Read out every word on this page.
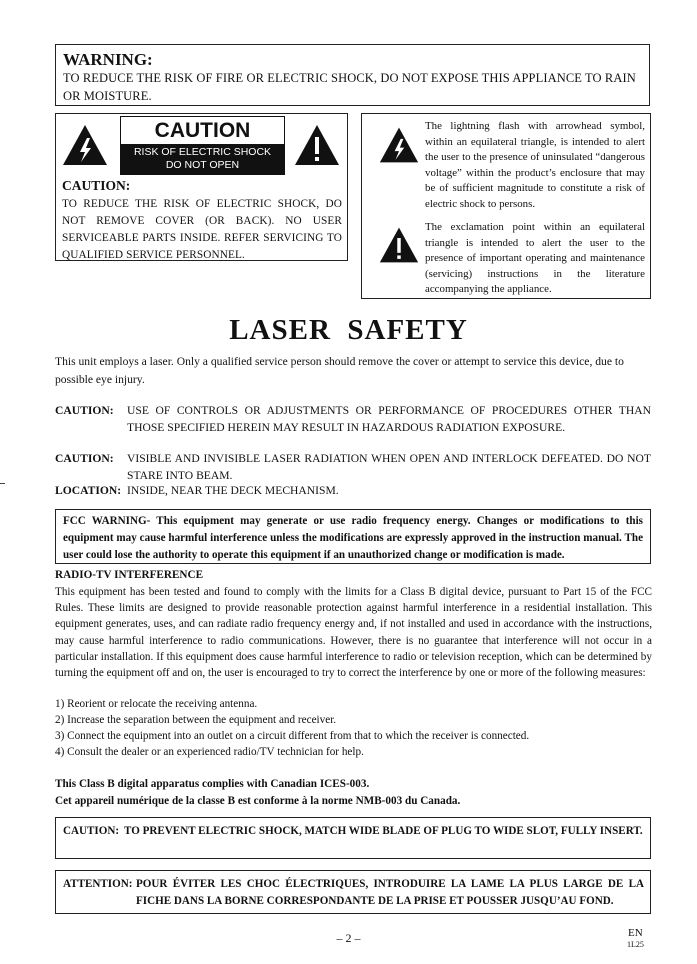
WARNING:
TO REDUCE THE RISK OF FIRE OR ELECTRIC SHOCK, DO NOT EXPOSE THIS APPLIANCE TO RAIN OR MOISTURE.
CAUTION
RISK OF ELECTRIC SHOCK
DO NOT OPEN
CAUTION:
TO REDUCE THE RISK OF ELECTRIC SHOCK, DO NOT REMOVE COVER (OR BACK). NO USER SERVICEABLE PARTS INSIDE. REFER SERVICING TO QUALIFIED SERVICE PERSONNEL.
The lightning flash with arrowhead symbol, within an equilateral triangle, is intended to alert the user to the presence of uninsulated “dangerous voltage” within the product’s enclosure that may be of sufficient magnitude to constitute a risk of electric shock to persons.
The exclamation point within an equilateral triangle is intended to alert the user to the presence of important operating and maintenance (servicing) instructions in the literature accompanying the appliance.
LASER  SAFETY
This unit employs a laser. Only a qualified service person should remove the cover or attempt to service this device, due to possible eye injury.
CAUTION: USE OF CONTROLS OR ADJUSTMENTS OR PERFORMANCE OF PROCEDURES OTHER THAN THOSE SPECIFIED HEREIN MAY RESULT IN HAZARDOUS RADIATION EXPOSURE.
CAUTION: VISIBLE AND INVISIBLE LASER RADIATION WHEN OPEN AND INTERLOCK DEFEATED. DO NOT STARE INTO BEAM.
LOCATION: INSIDE, NEAR THE DECK MECHANISM.
FCC WARNING- This equipment may generate or use radio frequency energy. Changes or modifications to this equipment may cause harmful interference unless the modifications are expressly approved in the instruction manual. The user could lose the authority to operate this equipment if an unauthorized change or modification is made.
RADIO-TV INTERFERENCE
This equipment has been tested and found to comply with the limits for a Class B digital device, pursuant to Part 15 of the FCC Rules. These limits are designed to provide reasonable protection against harmful interference in a residential installation. This equipment generates, uses, and can radiate radio frequency energy and, if not installed and used in accordance with the instructions, may cause harmful interference to radio communications. However, there is no guarantee that interference will not occur in a particular installation. If this equipment does cause harmful interference to radio or television reception, which can be determined by turning the equipment off and on, the user is encouraged to try to correct the interference by one or more of the following measures:
1) Reorient or relocate the receiving antenna.
2) Increase the separation between the equipment and receiver.
3) Connect the equipment into an outlet on a circuit different from that to which the receiver is connected.
4) Consult the dealer or an experienced radio/TV technician for help.
This Class B digital apparatus complies with Canadian ICES-003.
Cet appareil numérique de la classe B est conforme à la norme NMB-003 du Canada.
CAUTION: TO PREVENT ELECTRIC SHOCK, MATCH WIDE BLADE OF PLUG TO WIDE SLOT, FULLY INSERT.
ATTENTION: POUR ÉVITER LES CHOC ÉLECTRIQUES, INTRODUIRE LA LAME LA PLUS LARGE DE LA FICHE DANS LA BORNE CORRESPONDANTE DE LA PRISE ET POUSSER JUSQU’AU FOND.
– 2 –	EN
1L25
